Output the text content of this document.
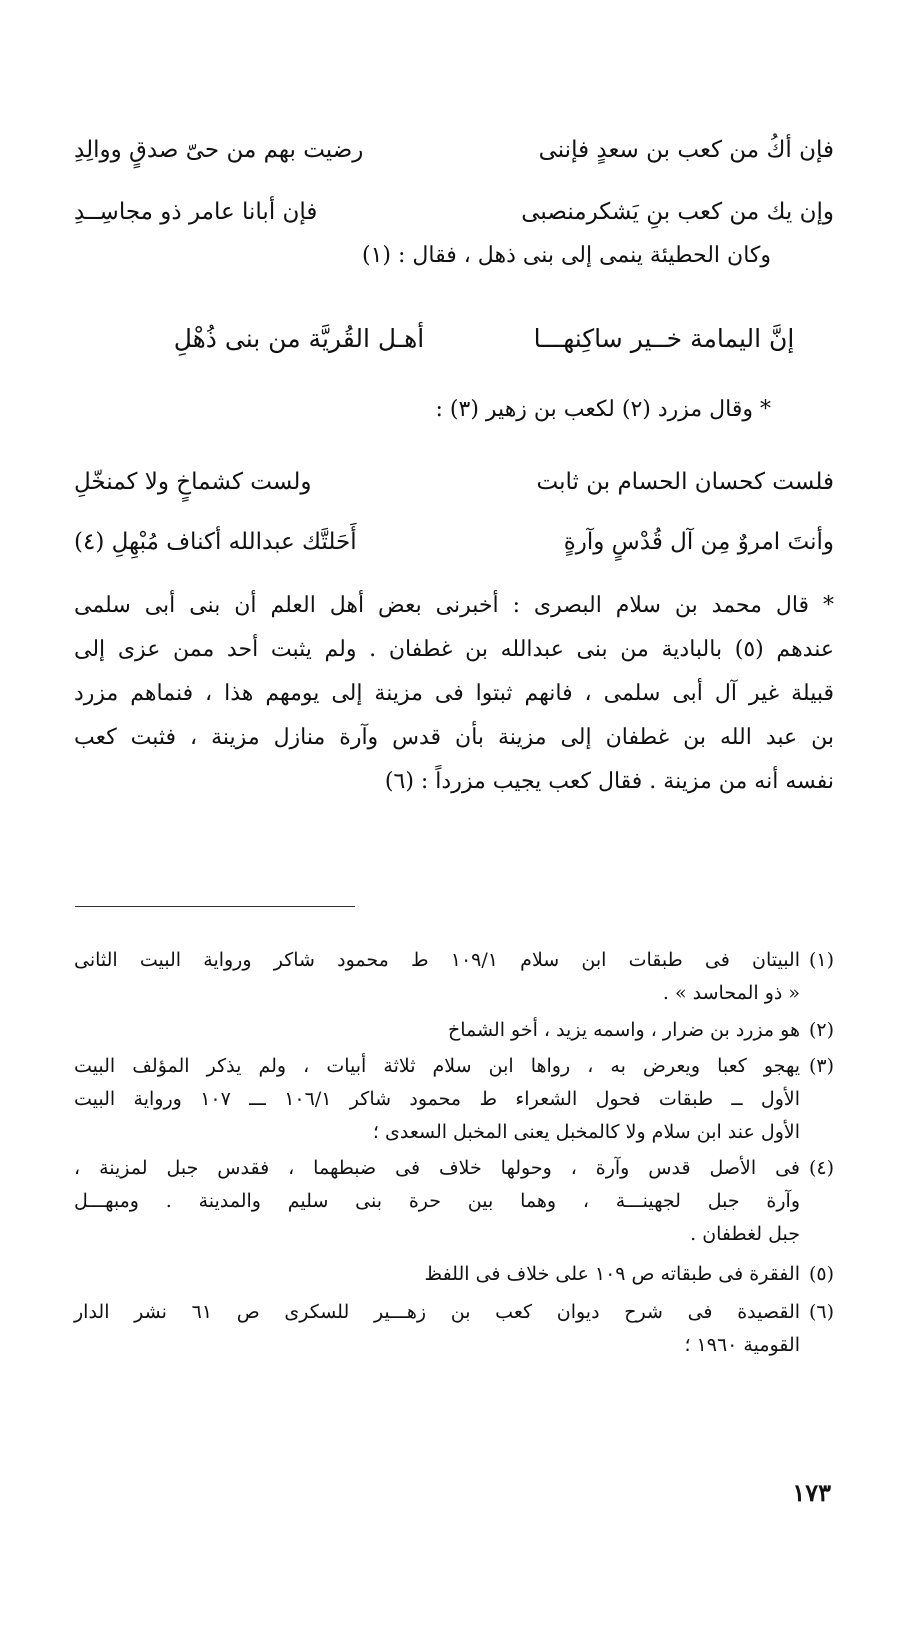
فإن أكُ من كعب بن سعدٍ فإننى
رضيت بهم من حىّ صدقٍ ووالِدِ
وإن يك من كعب بنِ يَشكرمنصبى
فإن أبانا عامر ذو مجاسِــدِ
وكان الحطيئة ينمى إلى بنى ذهل ، فقال : (١)
إنَّ اليمامة خــير ساكِنهـــا
أهـل القُريَّة من بنى ذُهْلِ
* وقال مزرد (٢) لكعب بن زهير (٣) :
فلست كحسان الحسام بن ثابت
ولست كشماخٍ ولا كمنخّلِ
وأنتَ امروٌ مِن آل قُدْسٍ وآرةٍ
أَحَلتَّك عبدالله أكناف مُبْهِلِ (٤)
* قال محمد بن سلام البصرى : أخبرنى بعض أهل العلم أن بنى أبى سلمى
عندهم (٥) بالبادية من بنى عبدالله بن غطفان . ولم يثبت أحد ممن عزى إلى
قبيلة غير آل أبى سلمى ، فانهم ثبتوا فى مزينة إلى يومهم هذا ، فنماهم مزرد
بن عبد الله بن غطفان إلى مزينة بأن قدس وآرة منازل مزينة ، فثبت كعب
نفسه أنه من مزينة . فقال كعب يجيب مزرداً : (٦)
(١)
البيتان فى طبقات ابن سلام ١٠٩/١ ط محمود شاكر ورواية البيت الثانى
« ذو المحاسد » .
(٢)
هو مزرد بن ضرار ، واسمه يزيد ، أخو الشماخ
(٣)
يهجو كعبا ويعرض به ، رواها ابن سلام ثلاثة أبيات ، ولم يذكر المؤلف البيت
الأول ــ طبقات فحول الشعراء ط محمود شاكر ١٠٦/١ ـــ ١٠٧ ورواية البيت
الأول عند ابن سلام ولا كالمخبل يعنى المخبل السعدى ؛
(٤)
فى الأصل قدس وآرة ، وحولها خلاف فى ضبطهما ، فقدس جبل لمزينة ،
وآرة جبل لجهينـــة ، وهما بين حرة بنى سليم والمدينة . ومبهـــل
جبل لغطفان .
(٥)
الفقرة فى طبقاته ص ١٠٩ على خلاف فى اللفظ
(٦)
القصيدة فى شرح ديوان كعب بن زهـــير للسكرى ص ٦١ نشر الدار
القومية ١٩٦٠ ؛
١٧٣
